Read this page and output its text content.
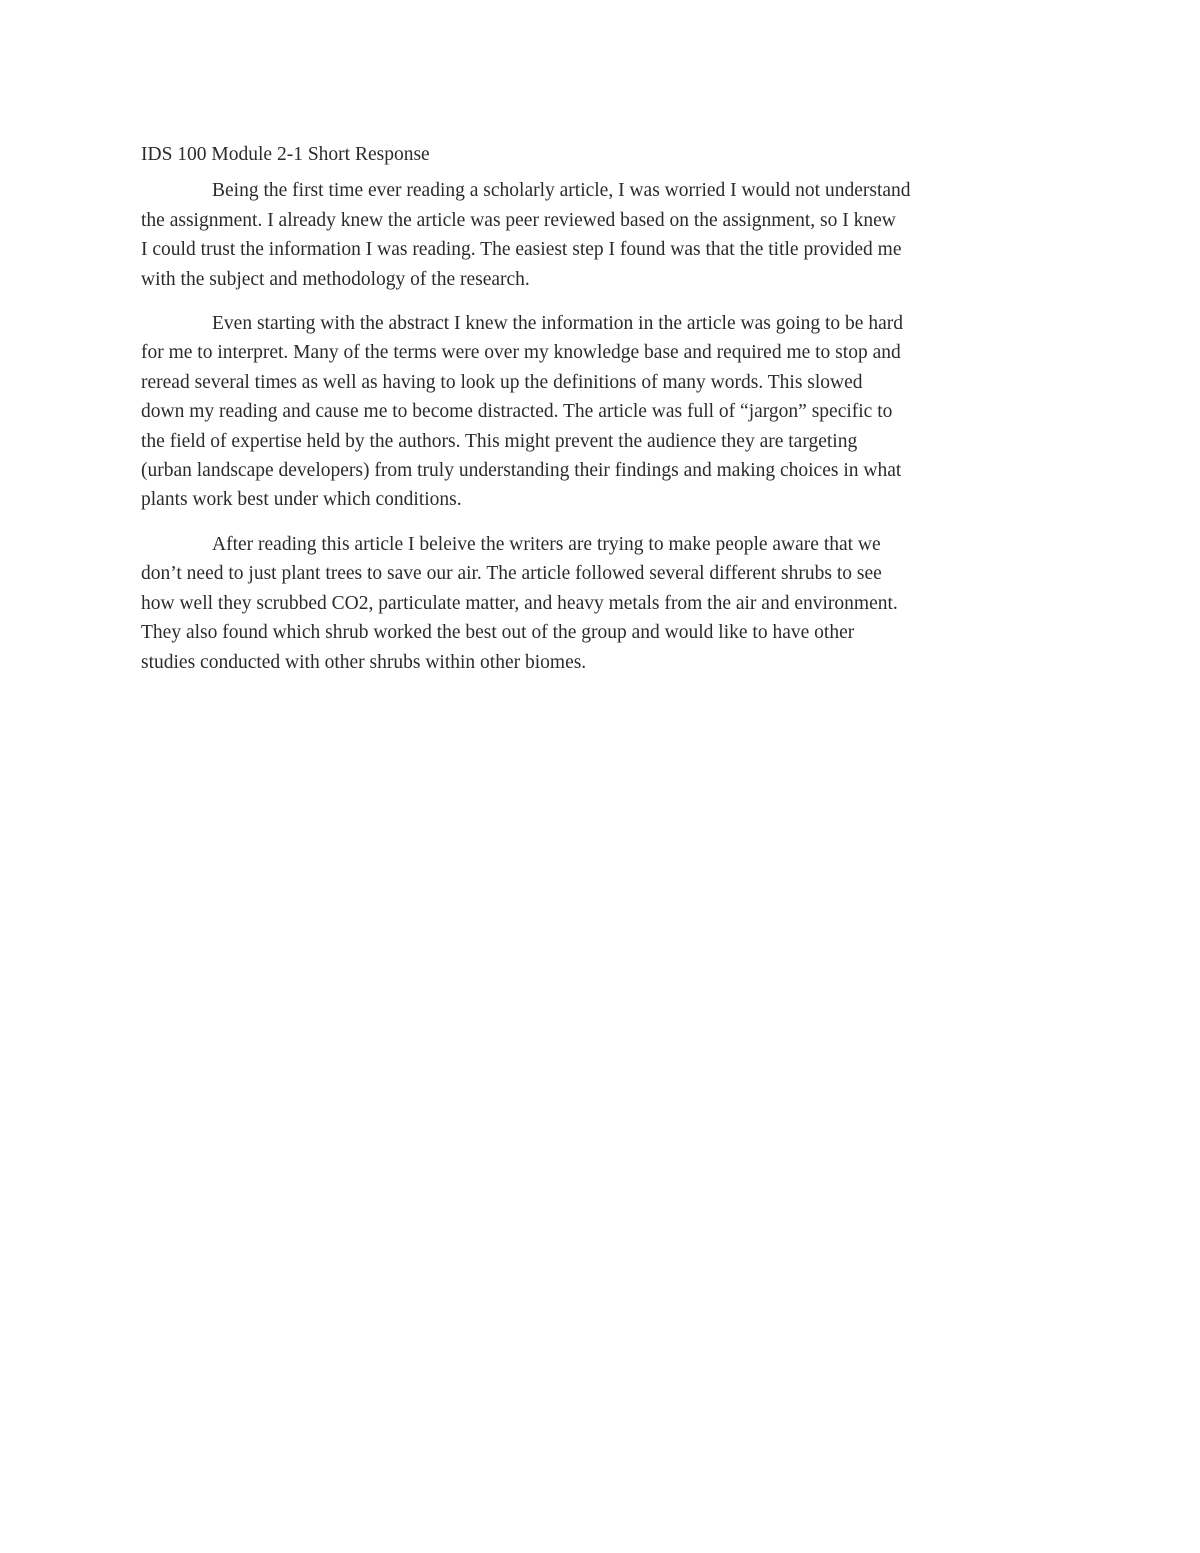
IDS 100 Module 2-1 Short Response

Being the first time ever reading a scholarly article, I was worried I would not understand
the assignment. I already knew the article was peer reviewed based on the assignment, so I knew
I could trust the information I was reading. The easiest step I found was that the title provided me
with the subject and methodology of the research.

Even starting with the abstract I knew the information in the article was going to be hard
for me to interpret. Many of the terms were over my knowledge base and required me to stop and
reread several times as well as having to look up the definitions of many words. This slowed
down my reading and cause me to become distracted. The article was full of “jargon” specific to
the field of expertise held by the authors. This might prevent the audience they are targeting
(urban landscape developers) from truly understanding their findings and making choices in what
plants work best under which conditions.

After reading this article I beleive the writers are trying to make people aware that we
don’t need to just plant trees to save our air. The article followed several different shrubs to see
how well they scrubbed CO2, particulate matter, and heavy metals from the air and environment.
They also found which shrub worked the best out of the group and would like to have other
studies conducted with other shrubs within other biomes.
